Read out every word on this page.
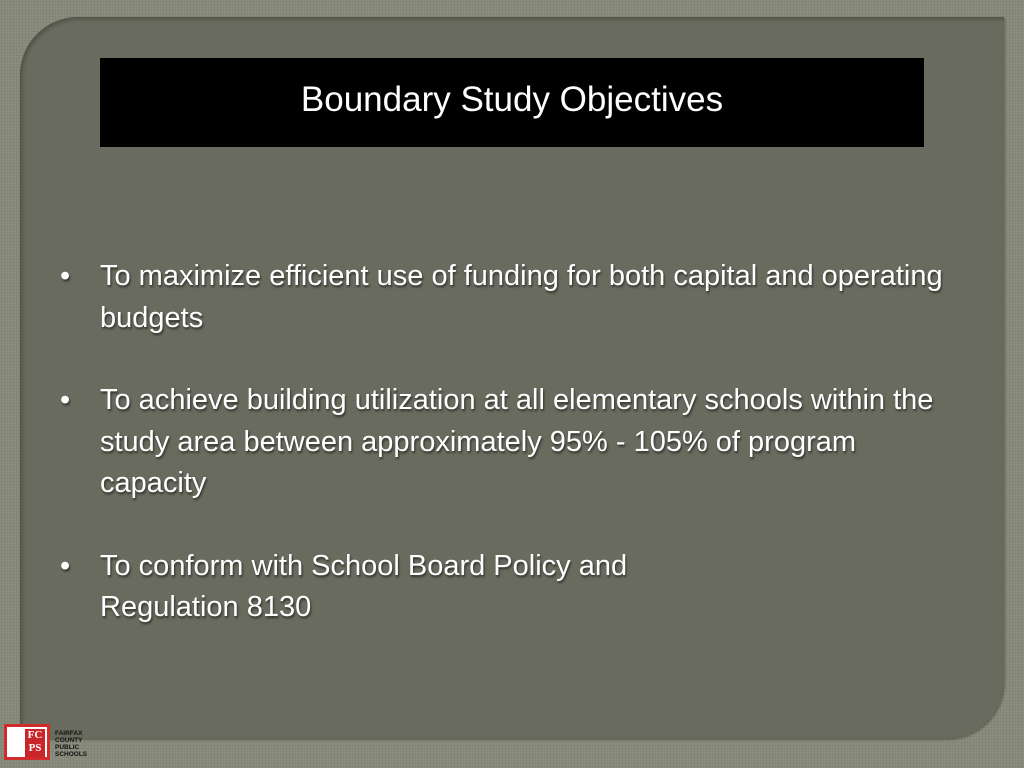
Boundary Study Objectives
• To maximize efficient use of funding for both capital and operating budgets
• To achieve building utilization at all elementary schools within the study area between approximately 95% - 105% of program capacity
• To conform with School Board Policy and Regulation 8130
FC
PS
FAIRFAX
COUNTY
PUBLIC
SCHOOLS
